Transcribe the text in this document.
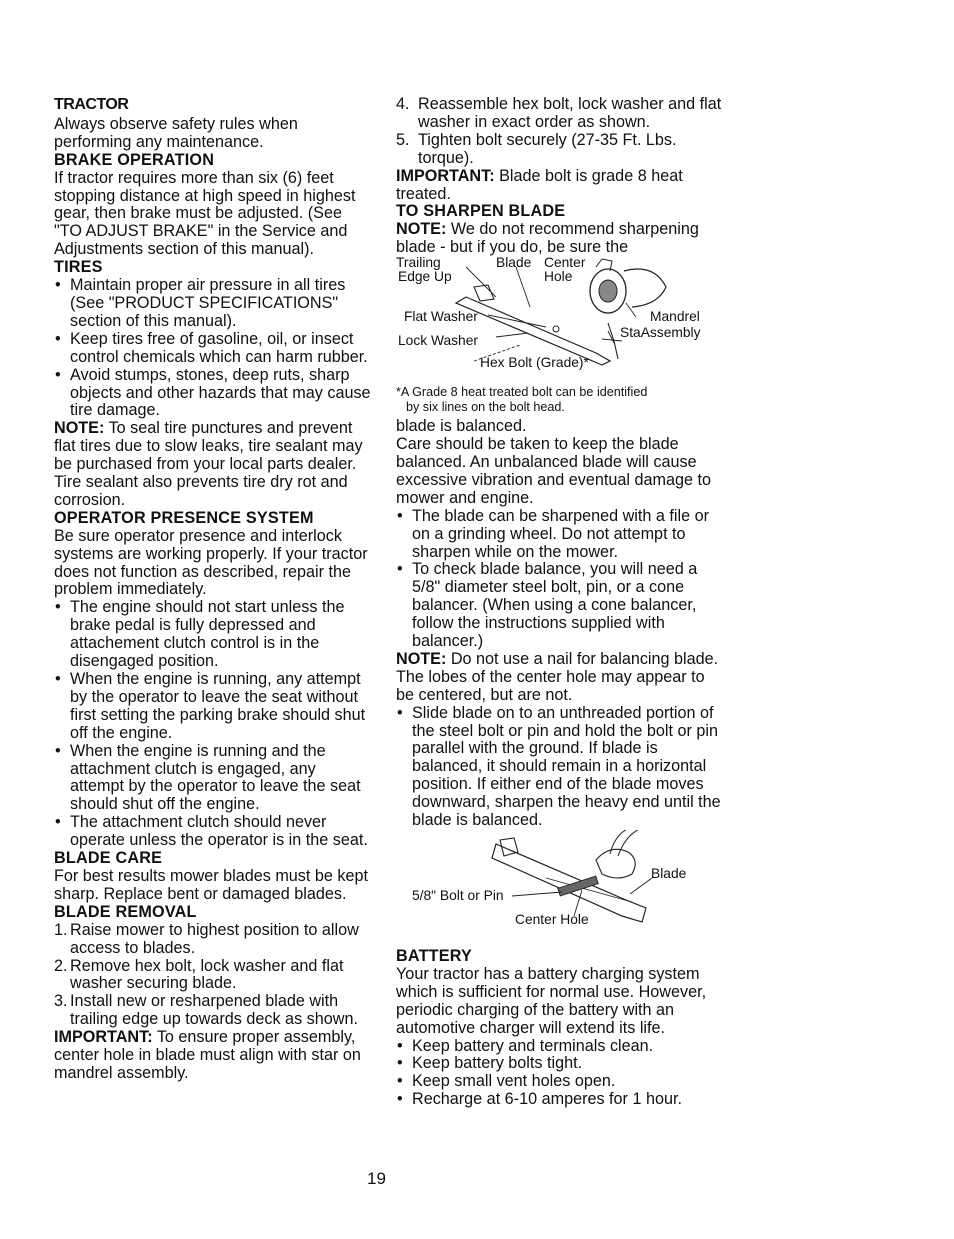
TRACTOR

Always observe safety rules when performing any maintenance.

BRAKE OPERATION

If tractor requires more than six (6) feet stopping distance at high speed in highest gear, then brake must be adjusted. (See "TO ADJUST BRAKE" in the Service and Adjustments section of this manual).

TIRES

• Maintain proper air pressure in all tires (See "PRODUCT SPECIFICATIONS" section of this manual).
• Keep tires free of gasoline, oil, or insect control chemicals which can harm rubber.
• Avoid stumps, stones, deep ruts, sharp objects and other hazards that may cause tire damage.

NOTE: To seal tire punctures and prevent flat tires due to slow leaks, tire sealant may be purchased from your local parts dealer. Tire sealant also prevents tire dry rot and corrosion.

OPERATOR PRESENCE SYSTEM

Be sure operator presence and interlock systems are working properly. If your tractor does not function as described, repair the problem immediately.

• The engine should not start unless the brake pedal is fully depressed and attachement clutch control is in the disengaged position.
• When the engine is running, any attempt by the operator to leave the seat without first setting the parking brake should shut off the engine.
• When the engine is running and the attachment clutch is engaged, any attempt by the operator to leave the seat should shut off the engine.
• The attachment clutch should never operate unless the operator is in the seat.

BLADE CARE

For best results mower blades must be kept sharp. Replace bent or damaged blades.

BLADE REMOVAL

1. Raise mower to highest position to allow access to blades.
2. Remove hex bolt, lock washer and flat washer securing blade.
3. Install new or resharpened blade with trailing edge up towards deck as shown.

IMPORTANT: To ensure proper assembly, center hole in blade must align with star on mandrel assembly.

4. Reassemble hex bolt, lock washer and flat washer in exact order as shown.
5. Tighten bolt securely (27-35 Ft. Lbs. torque).

IMPORTANT: Blade bolt is grade 8 heat treated.

TO SHARPEN BLADE

NOTE: We do not recommend sharpening blade - but if you do, be sure the

Trailing
Edge Up
Blade Center
Hole
Flat Washer	Mandrel
Lock Washer
StaAssembly
Hex Bolt (Grade)*
*A Grade 8 heat treated bolt can be identified
by six lines on the bolt head.

blade is balanced.

Care should be taken to keep the blade balanced. An unbalanced blade will cause excessive vibration and eventual damage to mower and engine.

• The blade can be sharpened with a file or on a grinding wheel. Do not attempt to sharpen while on the mower.
• To check blade balance, you will need a 5/8" diameter steel bolt, pin, or a cone balancer. (When using a cone balancer, follow the instructions supplied with balancer.)

NOTE: Do not use a nail for balancing blade. The lobes of the center hole may appear to be centered, but are not.

• Slide blade on to an unthreaded portion of the steel bolt or pin and hold the bolt or pin parallel with the ground. If blade is balanced, it should remain in a horizontal position. If either end of the blade moves downward, sharpen the heavy end until the blade is balanced.
Blade
5/8" Bolt or Pin
Center Hole

BATTERY

Your tractor has a battery charging system which is sufficient for normal use. However, periodic charging of the battery with an automotive charger will extend its life.

• Keep battery and terminals clean.
• Keep battery bolts tight.
• Keep small vent holes open.
• Recharge at 6-10 amperes for 1 hour.
19
